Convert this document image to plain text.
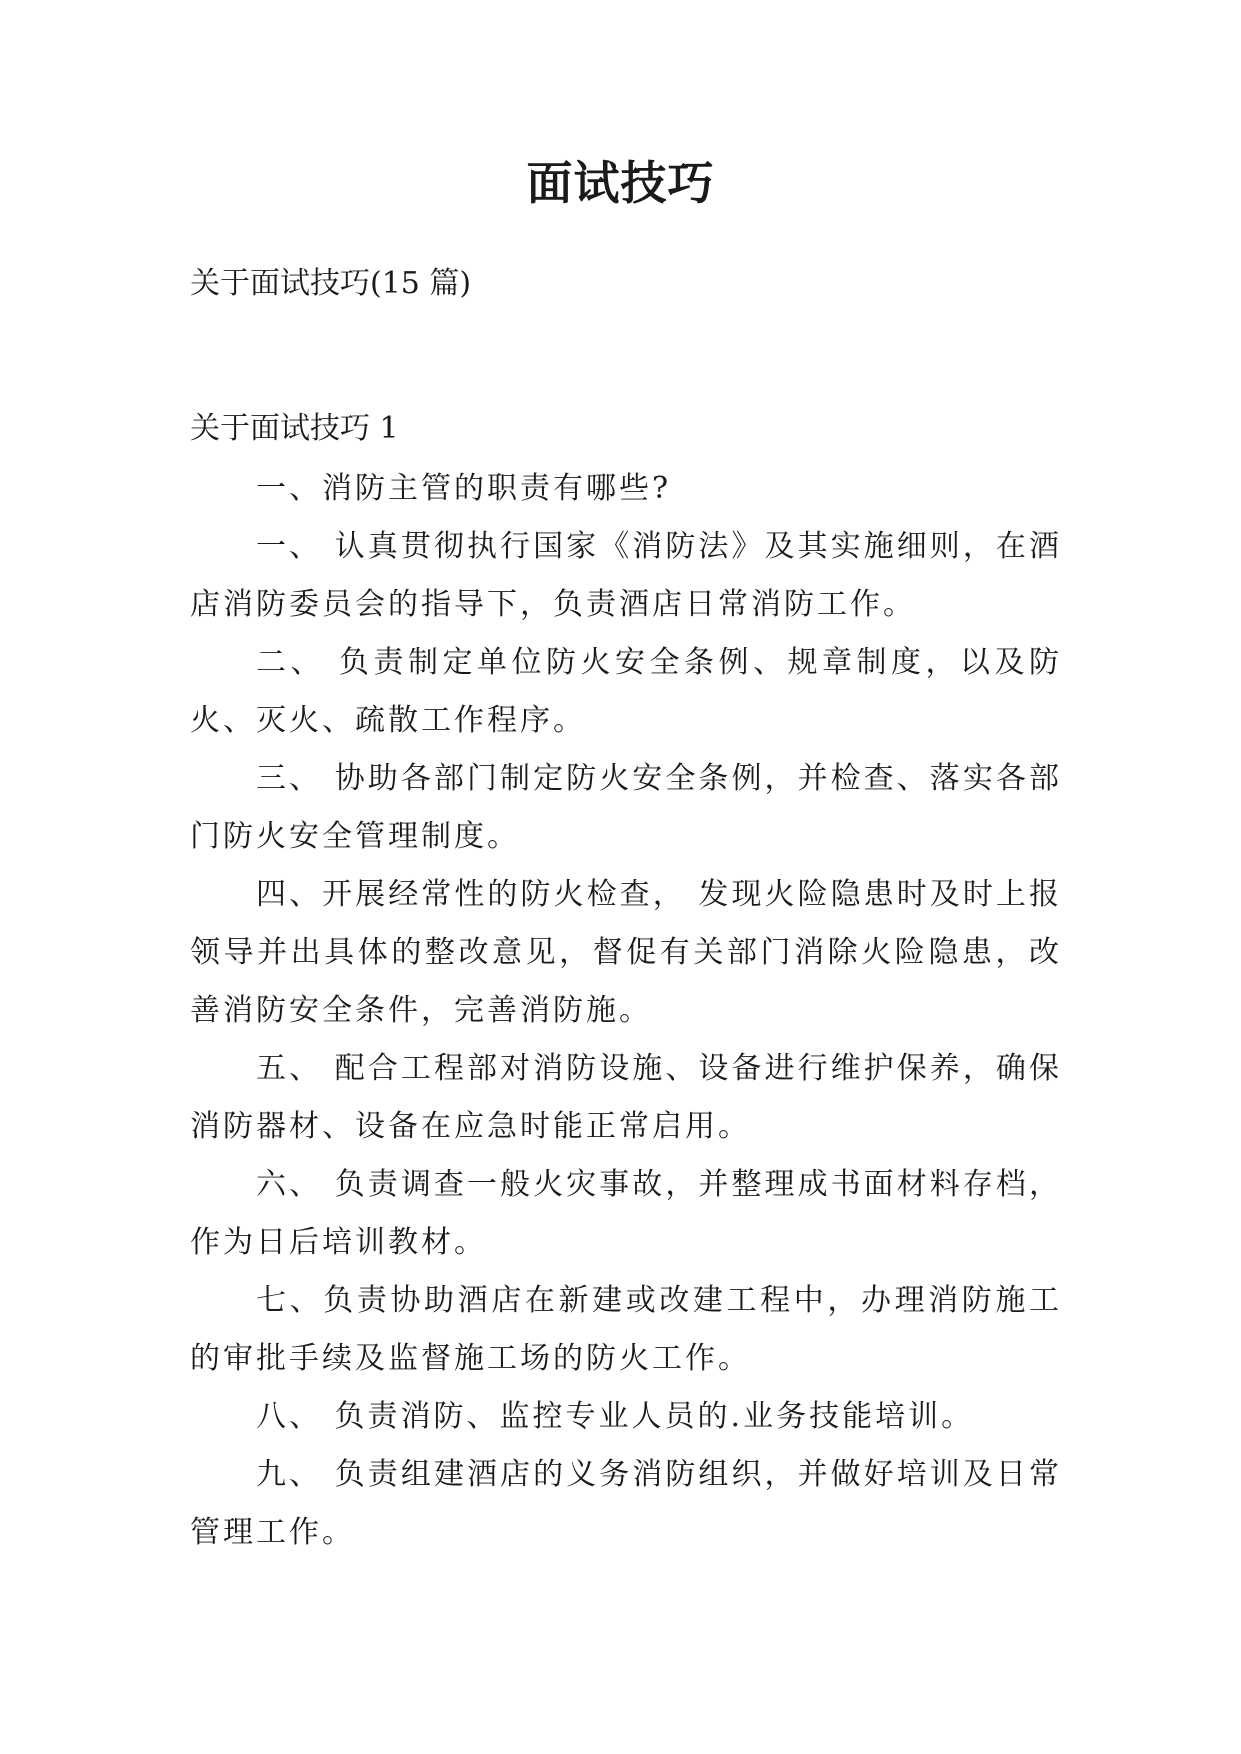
面试技巧
关于面试技巧(15 篇)
关于面试技巧 1

一、消防主管的职责有哪些?

一、 认真贯彻执行国家《消防法》及其实施细则，在酒店消防委员会的指导下，负责酒店日常消防工作。

二、 负责制定单位防火安全条例、规章制度，以及防火、灭火、疏散工作程序。

三、 协助各部门制定防火安全条例，并检查、落实各部门防火安全管理制度。

四、开展经常性的防火检查， 发现火险隐患时及时上报领导并出具体的整改意见，督促有关部门消除火险隐患，改善消防安全条件，完善消防施。

五、 配合工程部对消防设施、设备进行维护保养，确保消防器材、设备在应急时能正常启用。

六、 负责调查一般火灾事故，并整理成书面材料存档，作为日后培训教材。

七、负责协助酒店在新建或改建工程中，办理消防施工的审批手续及监督施工场的防火工作。

八、 负责消防、监控专业人员的.业务技能培训。

九、 负责组建酒店的义务消防组织，并做好培训及日常管理工作。
